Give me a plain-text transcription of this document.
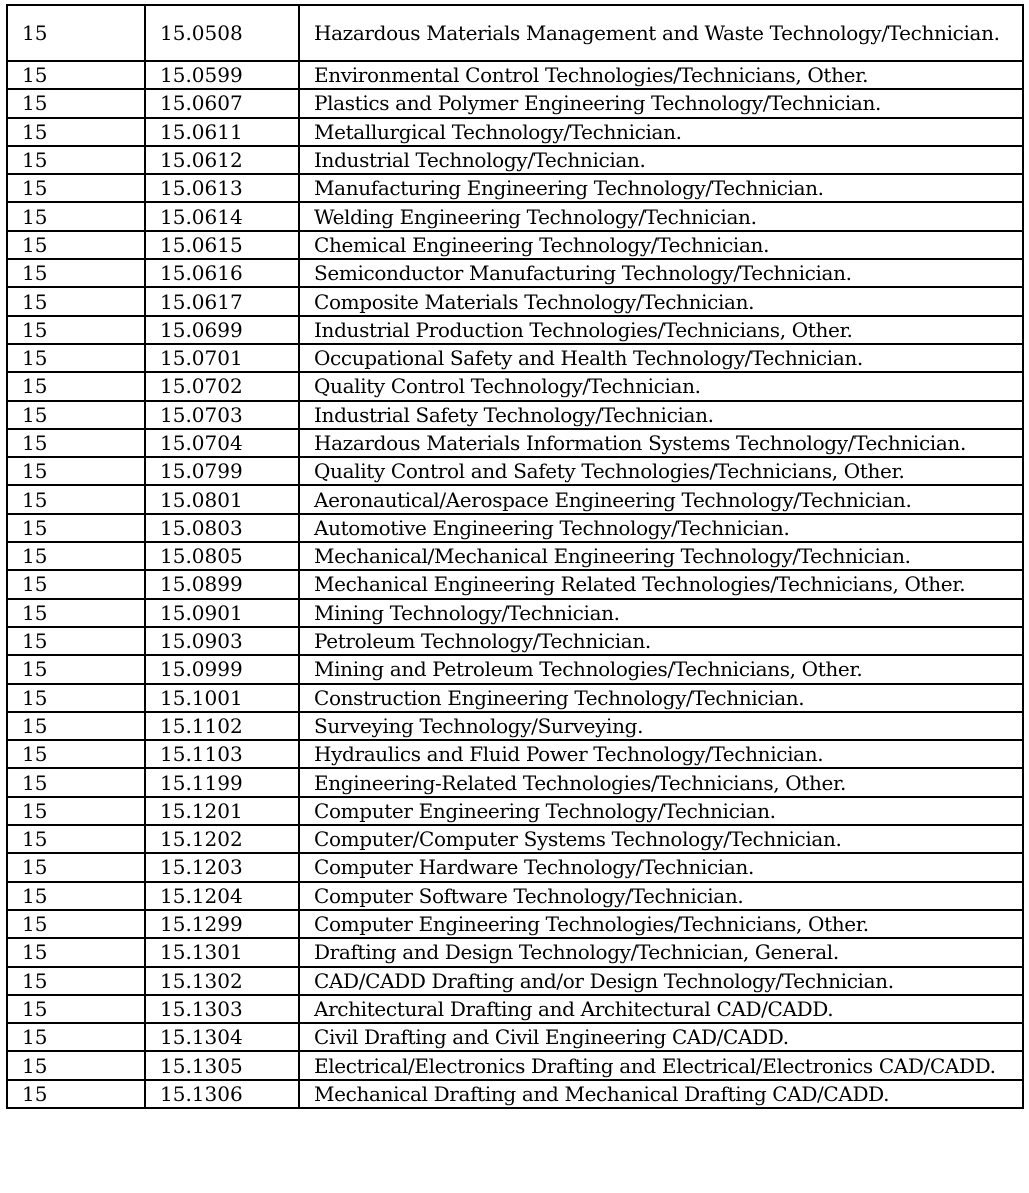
15	15.0508	Hazardous Materials Management and Waste Technology/Technician.
15	15.0599	Environmental Control Technologies/Technicians, Other.
15	15.0607	Plastics and Polymer Engineering Technology/Technician.
15	15.0611	Metallurgical Technology/Technician.
15	15.0612	Industrial Technology/Technician.
15	15.0613	Manufacturing Engineering Technology/Technician.
15	15.0614	Welding Engineering Technology/Technician.
15	15.0615	Chemical Engineering Technology/Technician.
15	15.0616	Semiconductor Manufacturing Technology/Technician.
15	15.0617	Composite Materials Technology/Technician.
15	15.0699	Industrial Production Technologies/Technicians, Other.
15	15.0701	Occupational Safety and Health Technology/Technician.
15	15.0702	Quality Control Technology/Technician.
15	15.0703	Industrial Safety Technology/Technician.
15	15.0704	Hazardous Materials Information Systems Technology/Technician.
15	15.0799	Quality Control and Safety Technologies/Technicians, Other.
15	15.0801	Aeronautical/Aerospace Engineering Technology/Technician.
15	15.0803	Automotive Engineering Technology/Technician.
15	15.0805	Mechanical/Mechanical Engineering Technology/Technician.
15	15.0899	Mechanical Engineering Related Technologies/Technicians, Other.
15	15.0901	Mining Technology/Technician.
15	15.0903	Petroleum Technology/Technician.
15	15.0999	Mining and Petroleum Technologies/Technicians, Other.
15	15.1001	Construction Engineering Technology/Technician.
15	15.1102	Surveying Technology/Surveying.
15	15.1103	Hydraulics and Fluid Power Technology/Technician.
15	15.1199	Engineering-Related Technologies/Technicians, Other.
15	15.1201	Computer Engineering Technology/Technician.
15	15.1202	Computer/Computer Systems Technology/Technician.
15	15.1203	Computer Hardware Technology/Technician.
15	15.1204	Computer Software Technology/Technician.
15	15.1299	Computer Engineering Technologies/Technicians, Other.
15	15.1301	Drafting and Design Technology/Technician, General.
15	15.1302	CAD/CADD Drafting and/or Design Technology/Technician.
15	15.1303	Architectural Drafting and Architectural CAD/CADD.
15	15.1304	Civil Drafting and Civil Engineering CAD/CADD.
15	15.1305	Electrical/Electronics Drafting and Electrical/Electronics CAD/CADD.
15	15.1306	Mechanical Drafting and Mechanical Drafting CAD/CADD.
